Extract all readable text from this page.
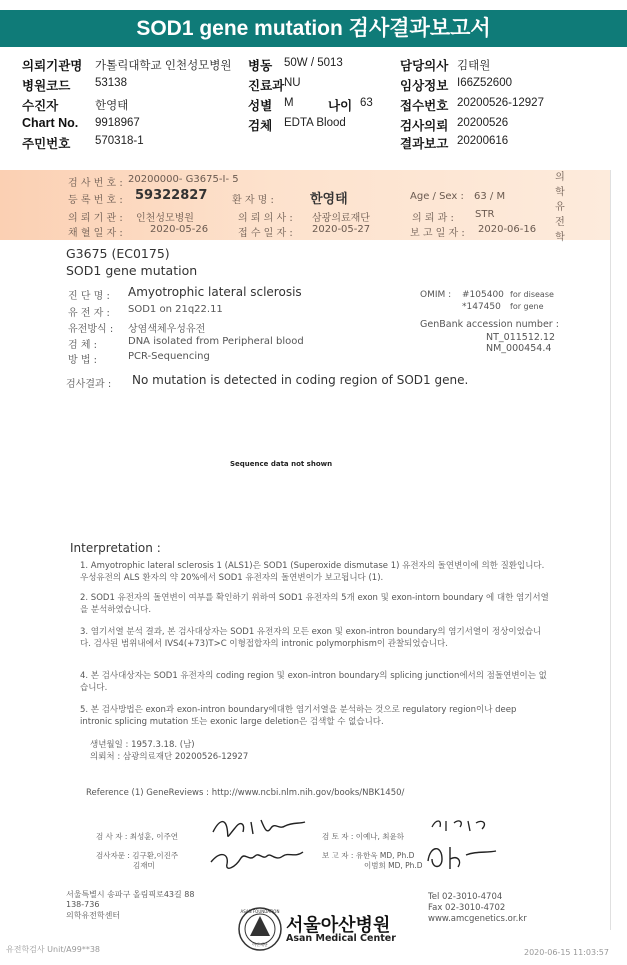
SOD1 gene mutation 검사결과보고서
의뢰기관명 가톨릭대학교 인천성모병원 병동 50W / 5013	담당의사 김태원
병원코드 53138	진료과 NU	임상정보 I66Z52600
수진자	한영태	성별 M	나이 63 접수번호 20200526-12927
Chart No. 9918967	검체 EDTA Blood	검사의뢰 20200526
주민번호 570318-1	결과보고 20200616
검 사 번 호 : 20200000- G3675-I- 5
등 록 번 호 : 59322827 환 자 명 :	한영태	Age / Sex : 63 / M
의 뢰 기 관 : 인천성모병원	의 뢰 의 사 : 삼광의료재단	의 뢰 과 : STR
채 혈 일 자 :	2020-05-26	접 수 일 자 : 2020-05-27	보 고 일 자 : 2020-06-16
의
학
유
전
학
G3675 (EC0175)
SOD1 gene mutation
진 단 명 : Amyotrophic lateral sclerosis
유 전 자 : SOD1 on 21q22.11
유전방식 : 상염색체우성유전
검 체 :	DNA isolated from Peripheral blood
방 법 :	PCR-Sequencing
OMIM : #105400 for disease
*147450 for gene
GenBank accession number :
NT_011512.12
NM_000454.4
검사결과 : No mutation is detected in coding region of SOD1 gene.
Sequence data not shown
Interpretation :

1. Amyotrophic lateral sclerosis 1 (ALS1)은 SOD1 (Superoxide dismutase 1) 유전자의 돌연변이에 의한 질환입니다. 우성유전의 ALS 환자의 약 20%에서 SOD1 유전자의 돌연변이가 보고됩니다 (1).

2. SOD1 유전자의 돌연변이 여부를 확인하기 위하여 SOD1 유전자의 5개 exon 및 exon-intorn boundary 에 대한 염기서열을 분석하였습니다.

3. 염기서열 분석 결과, 본 검사대상자는 SOD1 유전자의 모든 exon 및 exon-intron boundary의 염기서열이 정상이었습니다. 검사된 범위내에서 IVS4(+73)T>C 이형접합자의 intronic polymorphism이 관찰되었습니다.

4. 본 검사대상자는 SOD1 유전자의 coding region 및 exon-intron boundary의 splicing junction에서의 점돌연변이는 없습니다.

5. 본 검사방법은 exon과 exon-intron boundary에대한 염기서열을 분석하는 것으로 regulatory region이나 deep intronic splicing mutation 또는 exonic large deletion은 검색할 수 없습니다.

생년월일 : 1957.3.18. (남)
의뢰처 : 삼광의료재단 20200526-12927
Reference (1) GeneReviews : http://www.ncbi.nlm.nih.gov/books/NBK1450/
검 사 자 : 최성훈, 이주연
검사자문 : 김구환,이진주
김재미
검 토 자 : 이예나, 최윤하
보 고 자 : 유한욱 MD, Ph.D
이범희 MD, Ph.D
서울특별시 송파구 올림픽로43길 88
138-736
의학유전학센터	ASAN FOUNDATION
아산재단
서울아산병원
Asan Medical Center
Tel 02-3010-4704
Fax 02-3010-4702
www.amcgenetics.or.kr
유전학검사 Unit/A99**38	2020-06-15 11:03:57
